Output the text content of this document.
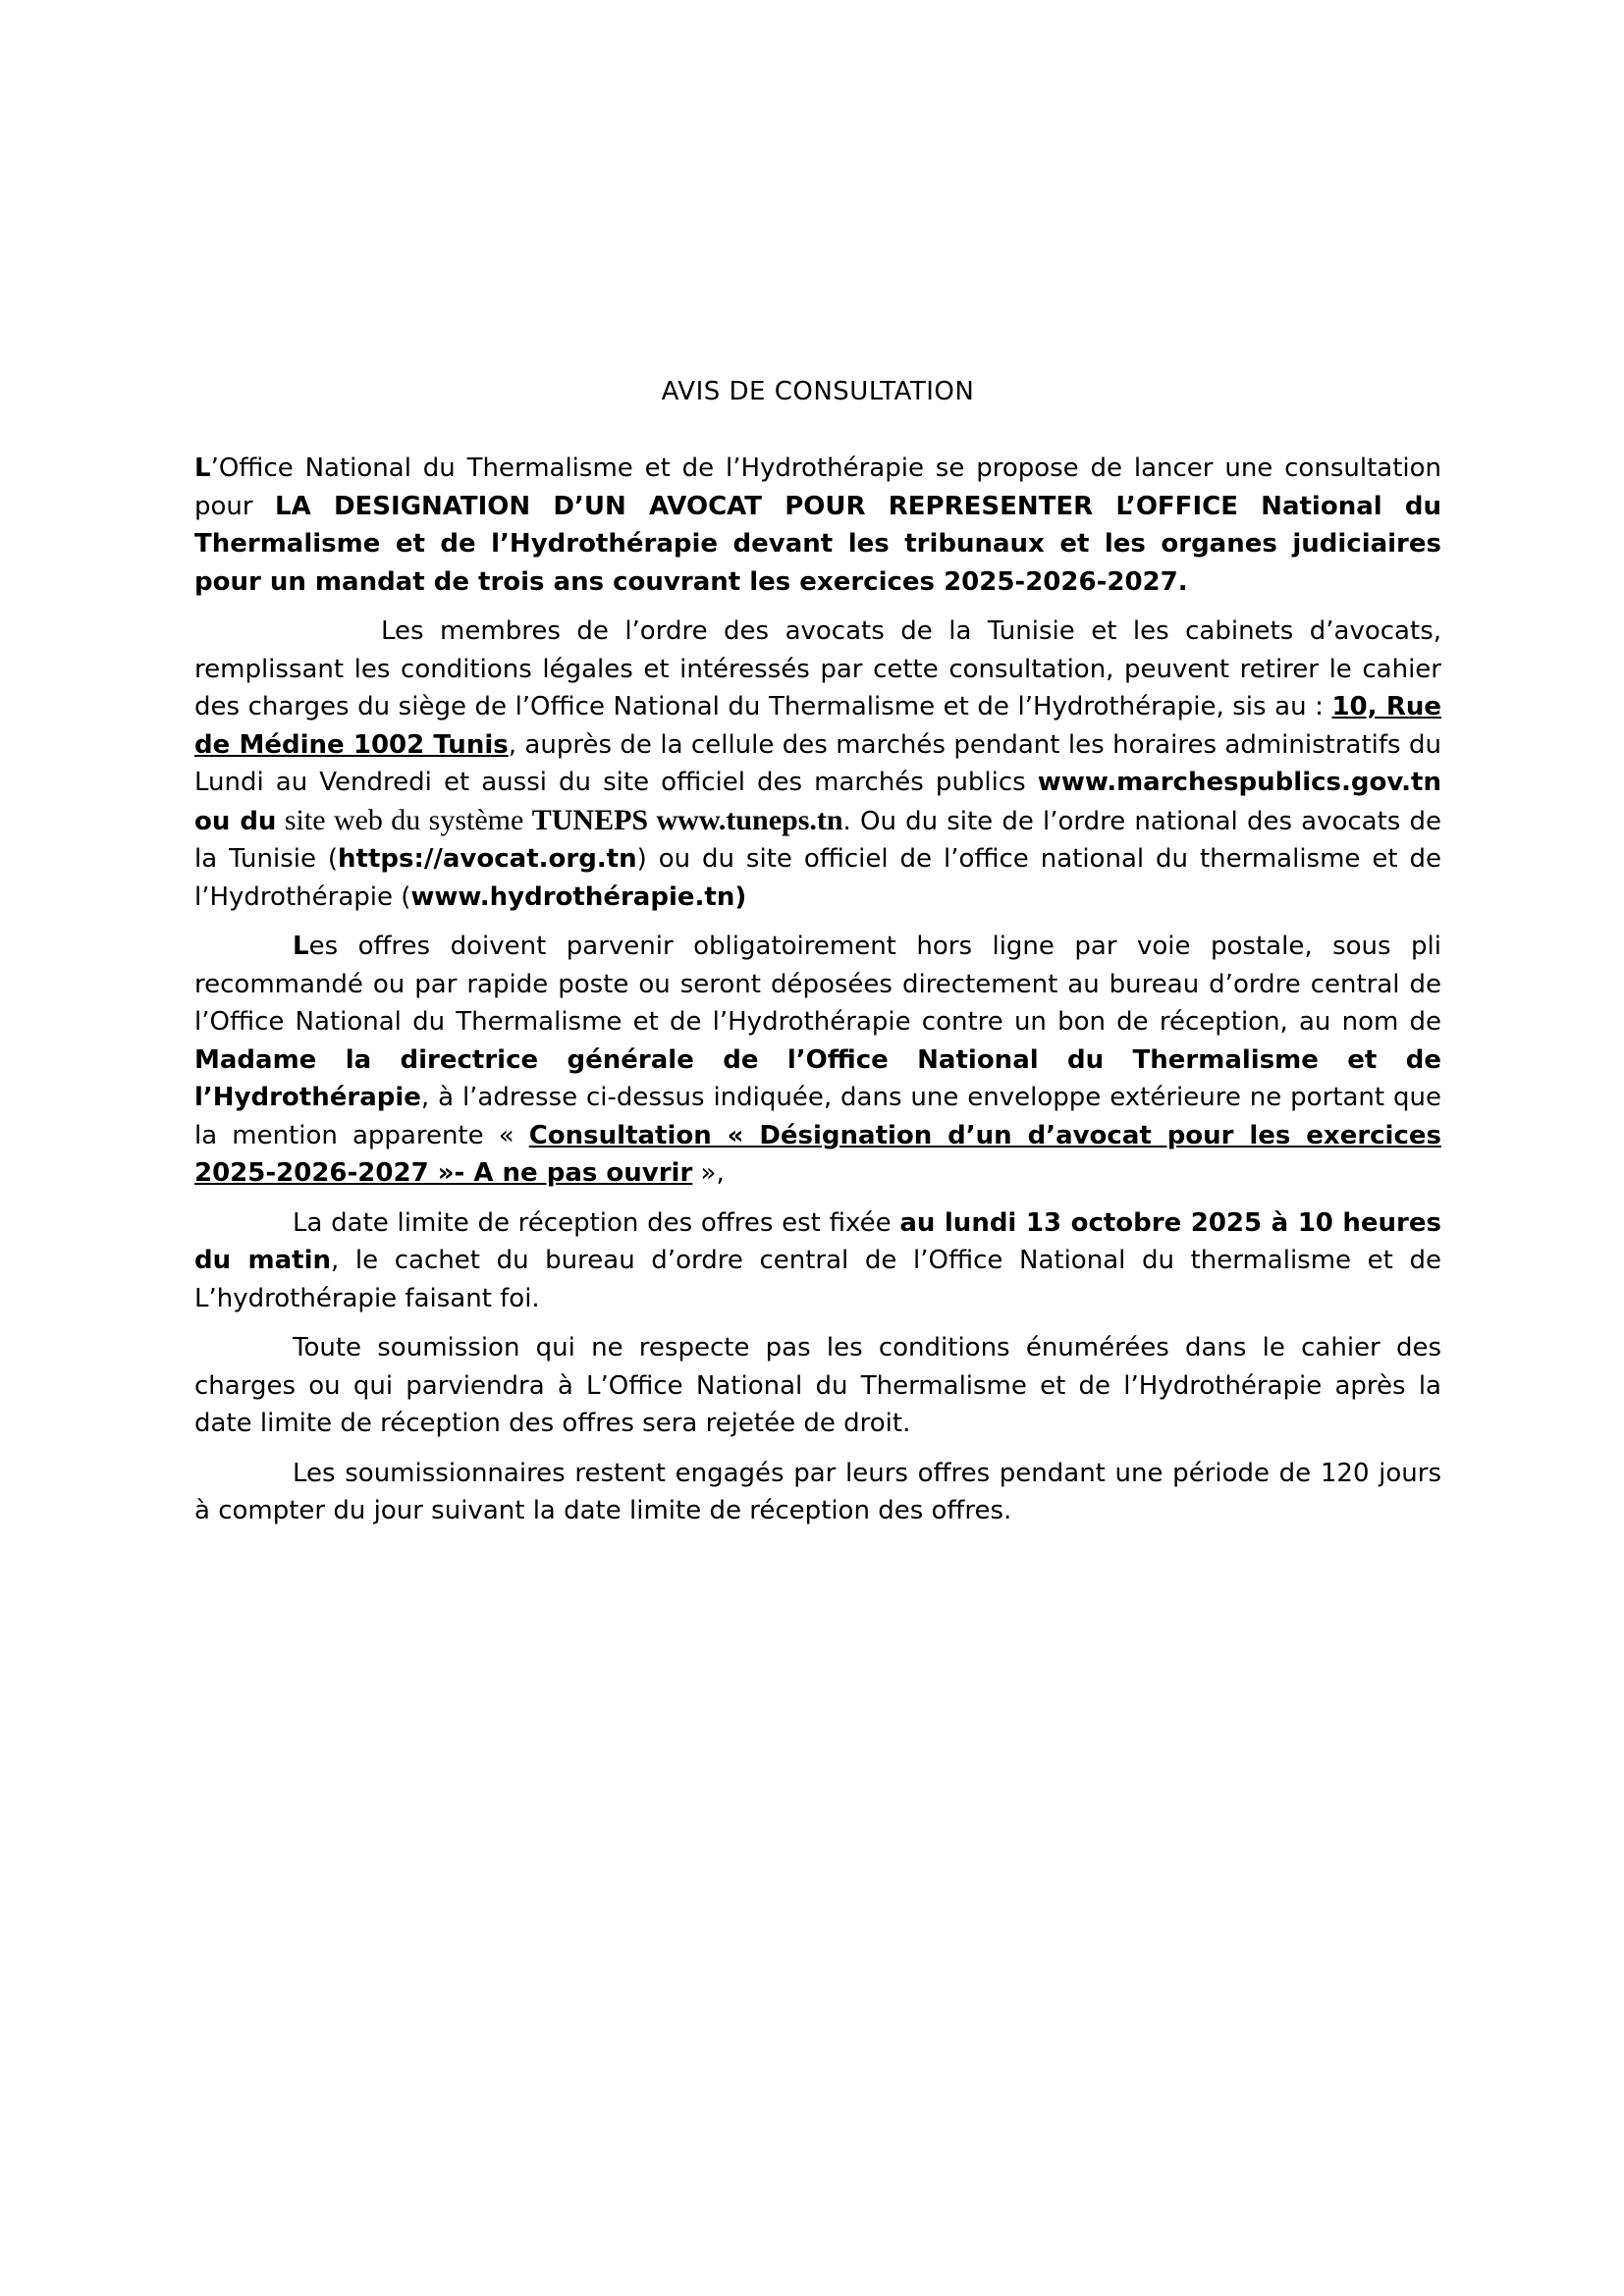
AVIS DE CONSULTATION

L’Office National du Thermalisme et de l’Hydrothérapie se propose de lancer une consultation pour LA DESIGNATION D’UN AVOCAT POUR REPRESENTER L’OFFICE National du Thermalisme et de l’Hydrothérapie devant les tribunaux et les organes judiciaires pour un mandat de trois ans couvrant les exercices 2025-2026-2027.

Les membres de l’ordre des avocats de la Tunisie et les cabinets d’avocats, remplissant les conditions légales et intéressés par cette consultation, peuvent retirer le cahier des charges du siège de l’Office National du Thermalisme et de l’Hydrothérapie, sis au : 10, Rue de Médine 1002 Tunis, auprès de la cellule des marchés pendant les horaires administratifs du Lundi au Vendredi et aussi du site officiel des marchés publics www.marchespublics.gov.tn ou du site web du système TUNEPS www.tuneps.tn. Ou du site de l’ordre national des avocats de la Tunisie (https://avocat.org.tn) ou du site officiel de l’office national du thermalisme et de l’Hydrothérapie (www.hydrothérapie.tn)

Les offres doivent parvenir obligatoirement hors ligne par voie postale, sous pli recommandé ou par rapide poste ou seront déposées directement au bureau d’ordre central de l’Office National du Thermalisme et de l’Hydrothérapie contre un bon de réception, au nom de Madame la directrice générale de l’Office National du Thermalisme et de l’Hydrothérapie, à l’adresse ci-dessus indiquée, dans une enveloppe extérieure ne portant que la mention apparente « Consultation « Désignation d’un d’avocat pour les exercices 2025-2026-2027 »- A ne pas ouvrir »,

La date limite de réception des offres est fixée au lundi 13 octobre 2025 à 10 heures du matin, le cachet du bureau d’ordre central de l’Office National du thermalisme et de L’hydrothérapie faisant foi.

Toute soumission qui ne respecte pas les conditions énumérées dans le cahier des charges ou qui parviendra à L’Office National du Thermalisme et de l’Hydrothérapie après la date limite de réception des offres sera rejetée de droit.

Les soumissionnaires restent engagés par leurs offres pendant une période de 120 jours à compter du jour suivant la date limite de réception des offres.
